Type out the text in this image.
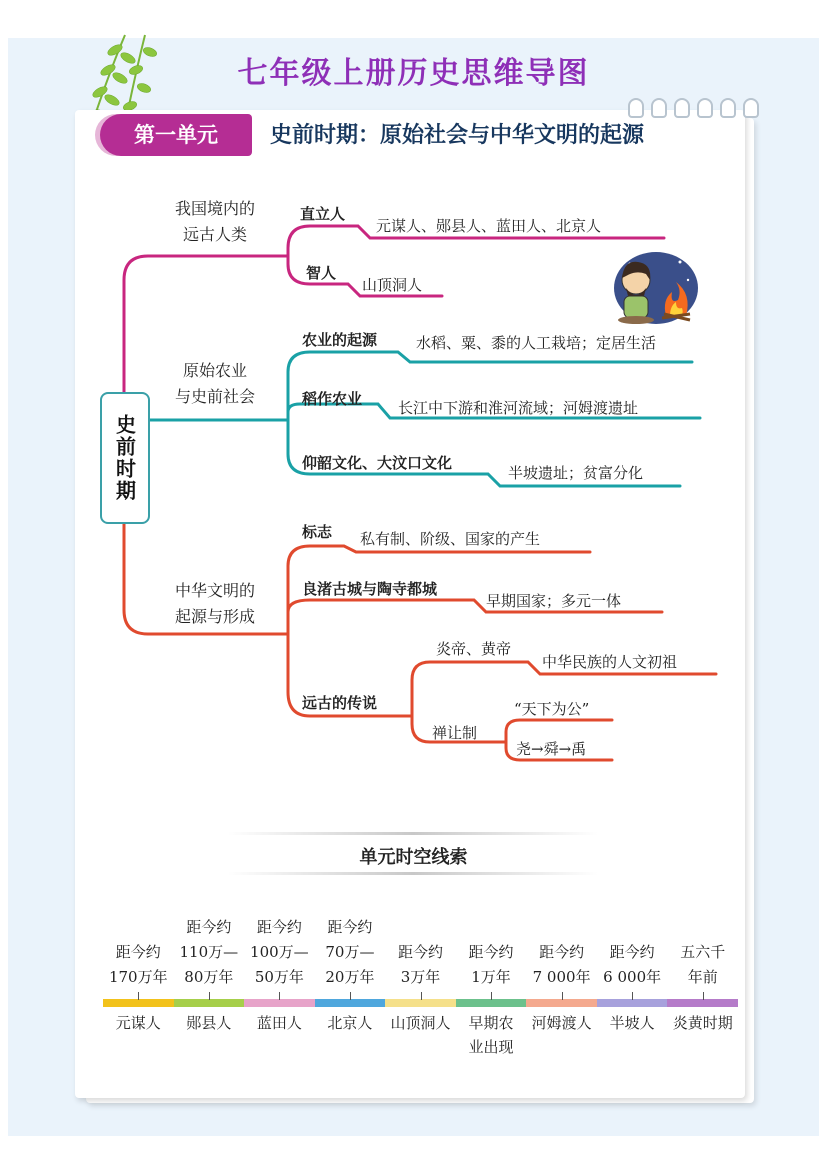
七年级上册历史思维导图
第一单元	史前时期：原始社会与中华文明的起源
史前时期
我国境内的
远古人类
直立人
元谋人、郧县人、蓝田人、北京人
智人
山顶洞人
原始农业
与史前社会
农业的起源	水稻、粟、黍的人工栽培；定居生活
稻作农业 长江中下游和淮河流域；河姆渡遗址
仰韶文化、大汶口文化
半坡遗址；贫富分化
中华文明的
起源与形成
标志 私有制、阶级、国家的产生
良渚古城与陶寺都城
早期国家；多元一体
远古的传说
炎帝、黄帝
中华民族的人文初祖
禅让制
“天下为公”
尧→舜→禹
单元时空线索
距今约
170万年
元谋人
距今约
110万—
80万年
郧县人
距今约
100万—
50万年
蓝田人
距今约
70万—
20万年
北京人
距今约
3万年
山顶洞人
距今约
1万年
早期农
业出现
距今约
7 000年
河姆渡人
距今约
6 000年
半坡人
五六千
年前
炎黄时期
